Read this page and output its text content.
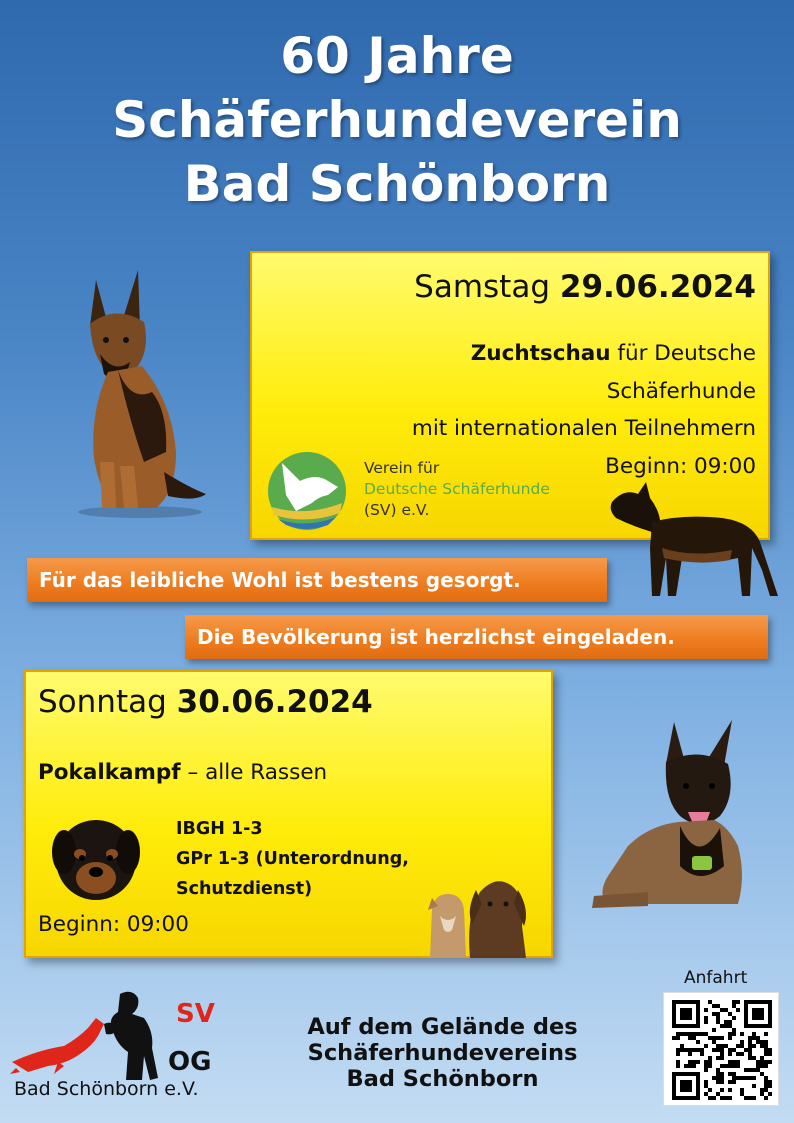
60 Jahre
Schäferhundeverein
Bad Schönborn
Samstag 29.06.2024
Zuchtschau für Deutsche
Schäferhunde
mit internationalen Teilnehmern
Beginn: 09:00
Verein für
Deutsche Schäferhunde
(SV) e.V.
Für das leibliche Wohl ist bestens gesorgt.
Die Bevölkerung ist herzlichst eingeladen.
Sonntag 30.06.2024
Pokalkampf – alle Rassen
IBGH 1-3
GPr 1-3 (Unterordnung,
Schutzdienst)
Beginn: 09:00
SV
OG
Bad Schönborn e.V.
Auf dem Gelände des
Schäferhundevereins
Bad Schönborn
Anfahrt
